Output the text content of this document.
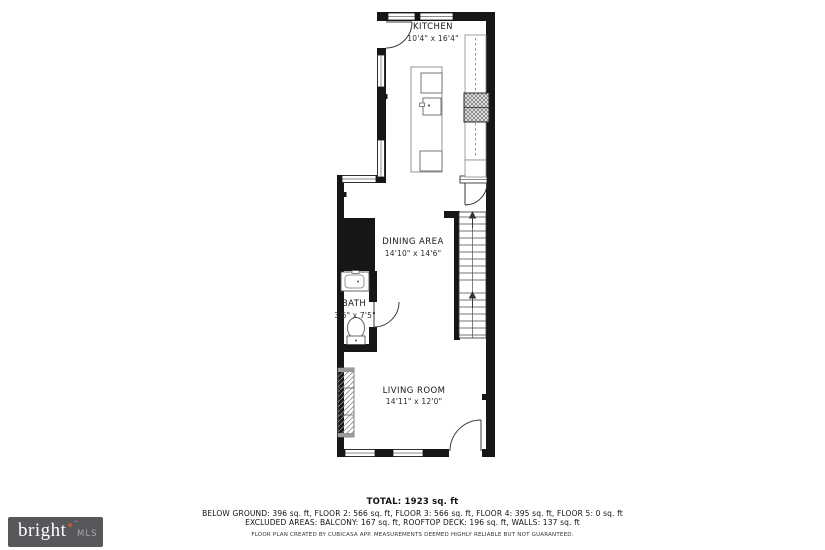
KITCHEN
10'4" x 16'4"
DINING AREA
14'10" x 14'6"
BATH
3'6" x 7'5"
LIVING ROOM
14'11" x 12'0"
TOTAL: 1923 sq. ft
BELOW GROUND: 396 sq. ft, FLOOR 2: 566 sq. ft, FLOOR 3: 566 sq. ft, FLOOR 4: 395 sq. ft, FLOOR 5: 0 sq. ft
EXCLUDED AREAS: BALCONY: 167 sq. ft, ROOFTOP DECK: 196 sq. ft, WALLS: 137 sq. ft
FLOOR PLAN CREATED BY CUBICASA APP. MEASUREMENTS DEEMED HIGHLY RELIABLE BUT NOT GUARANTEED.
bright ™
MLS
